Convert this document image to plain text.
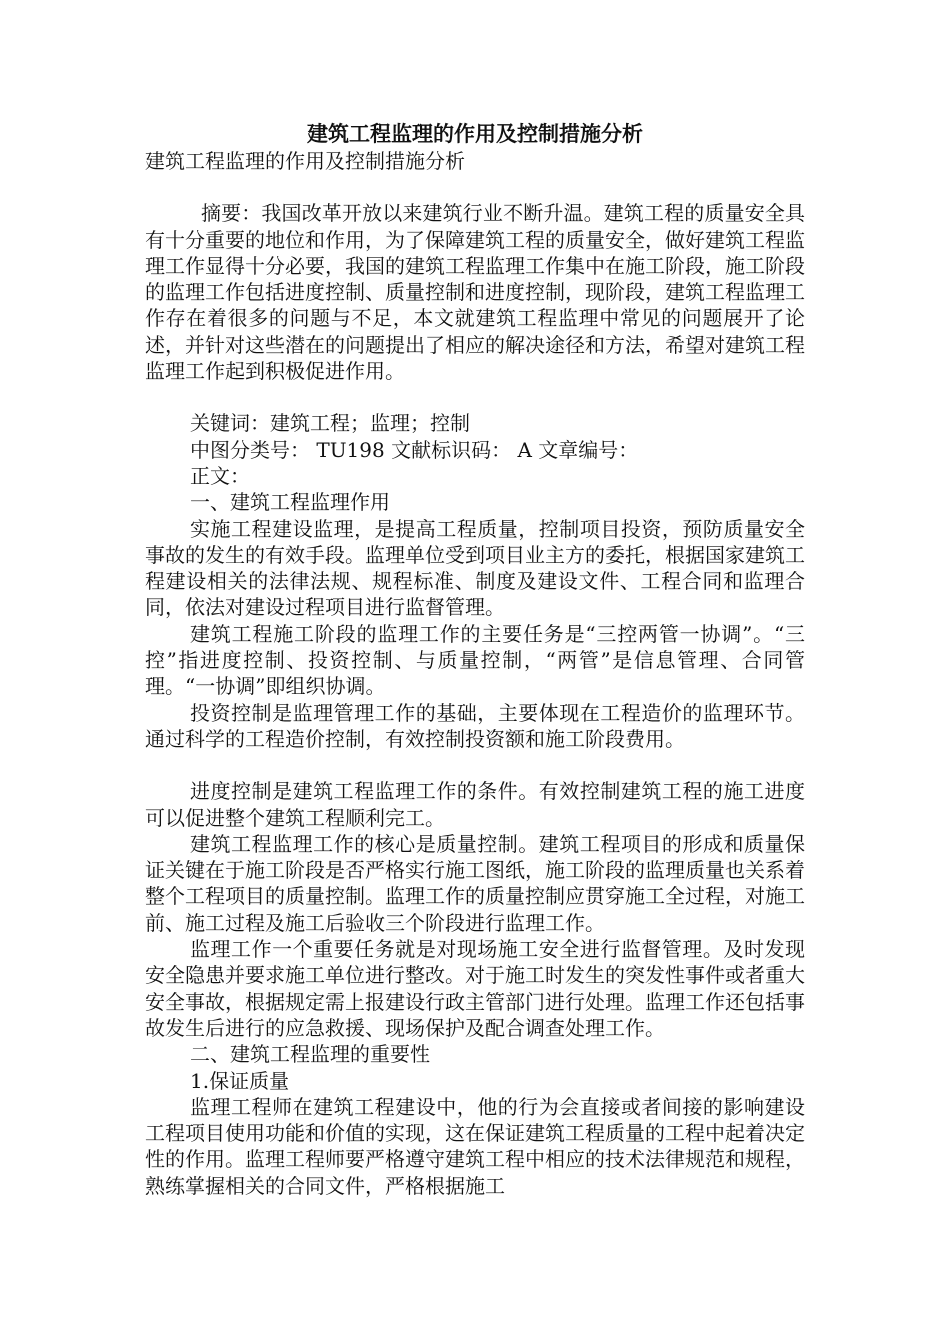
建筑工程监理的作用及控制措施分析

建筑工程监理的作用及控制措施分析

摘要：我国改革开放以来建筑行业不断升温。建筑工程的质量安全具有十分重要的地位和作用，为了保障建筑工程的质量安全，做好建筑工程监理工作显得十分必要，我国的建筑工程监理工作集中在施工阶段，施工阶段的监理工作包括进度控制、质量控制和进度控制，现阶段，建筑工程监理工作存在着很多的问题与不足，本文就建筑工程监理中常见的问题展开了论述，并针对这些潜在的问题提出了相应的解决途径和方法，希望对建筑工程监理工作起到积极促进作用。

关键词：建筑工程；监理；控制

中图分类号： TU198 文献标识码： A 文章编号：

正文：

一、建筑工程监理作用

实施工程建设监理，是提高工程质量，控制项目投资，预防质量安全事故的发生的有效手段。监理单位受到项目业主方的委托，根据国家建筑工程建设相关的法律法规、规程标准、制度及建设文件、工程合同和监理合同，依法对建设过程项目进行监督管理。

建筑工程施工阶段的监理工作的主要任务是“三控两管一协调”。“三控”指进度控制、投资控制、与质量控制，“两管”是信息管理、合同管理。“一协调”即组织协调。

投资控制是监理管理工作的基础，主要体现在工程造价的监理环节。通过科学的工程造价控制，有效控制投资额和施工阶段费用。

进度控制是建筑工程监理工作的条件。有效控制建筑工程的施工进度可以促进整个建筑工程顺利完工。

建筑工程监理工作的核心是质量控制。建筑工程项目的形成和质量保证关键在于施工阶段是否严格实行施工图纸，施工阶段的监理质量也关系着整个工程项目的质量控制。监理工作的质量控制应贯穿施工全过程，对施工前、施工过程及施工后验收三个阶段进行监理工作。

监理工作一个重要任务就是对现场施工安全进行监督管理。及时发现安全隐患并要求施工单位进行整改。对于施工时发生的突发性事件或者重大安全事故，根据规定需上报建设行政主管部门进行处理。监理工作还包括事故发生后进行的应急救援、现场保护及配合调查处理工作。

二、建筑工程监理的重要性

1.保证质量

监理工程师在建筑工程建设中，他的行为会直接或者间接的影响建设工程项目使用功能和价值的实现，这在保证建筑工程质量的工程中起着决定性的作用。监理工程师要严格遵守建筑工程中相应的技术法律规范和规程，熟练掌握相关的合同文件，严格根据施工
